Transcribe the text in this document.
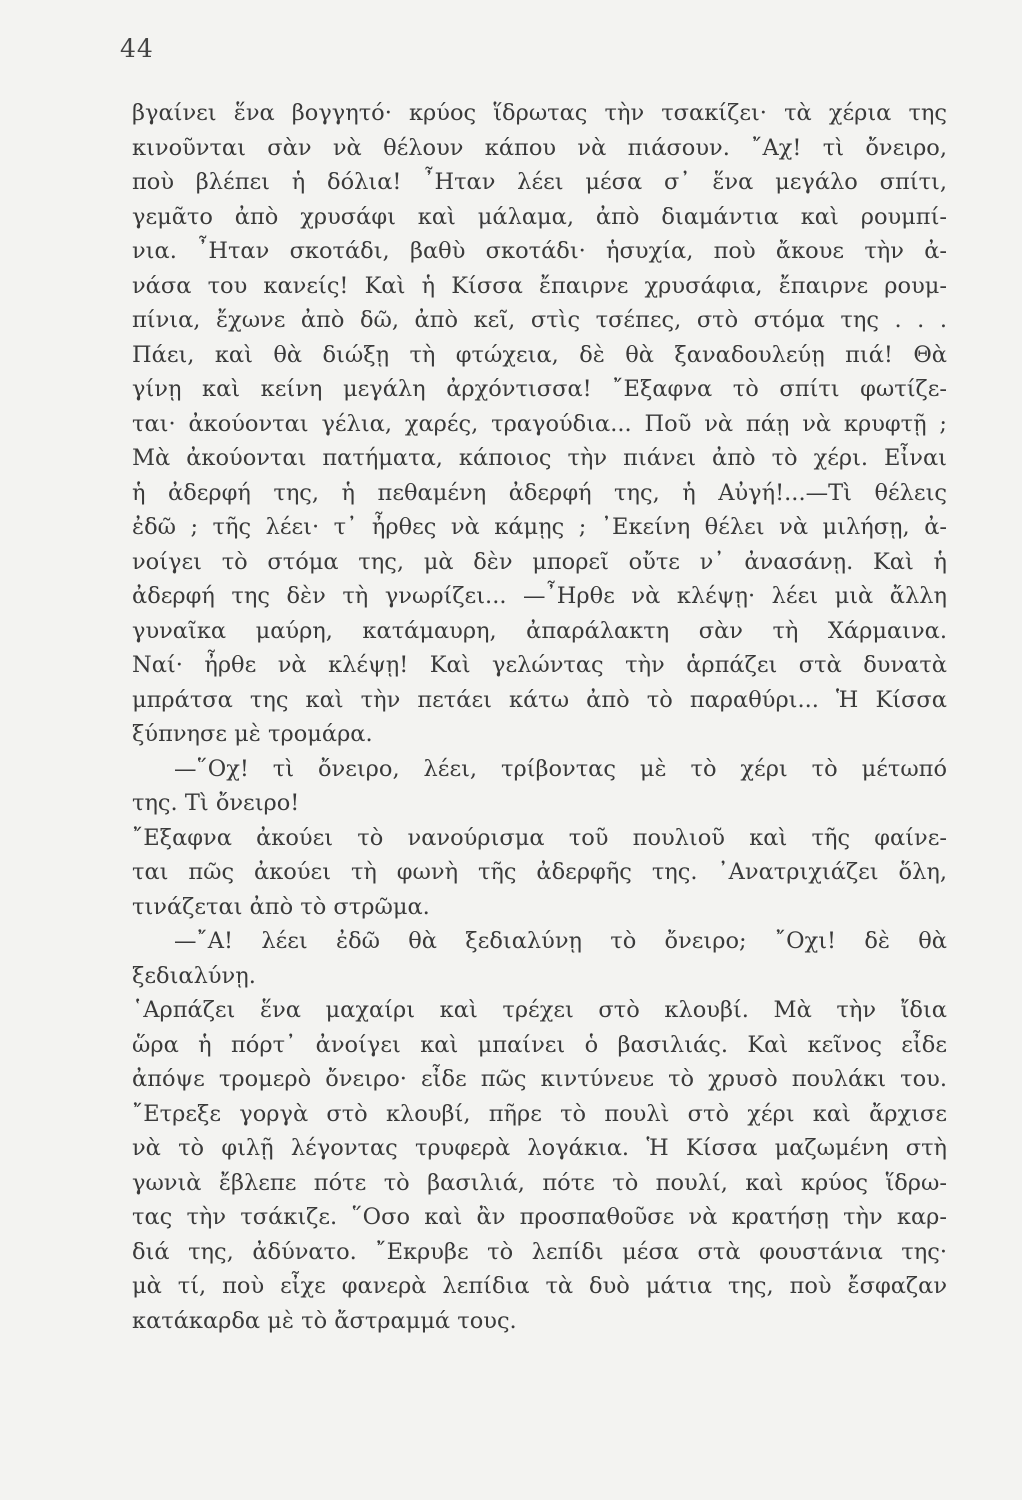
44
βγαίνει ἕνα βογγητό· κρύος ἵδρωτας τὴν τσακίζει· τὰ χέρια της
κινοῦνται σὰν νὰ θέλουν κάπου νὰ πιάσουν. ῎Αχ! τὶ ὄνειρο,
ποὺ βλέπει ἡ δόλια! ῏Ηταν λέει μέσα σ᾽ ἕνα μεγάλο σπίτι,
γεμᾶτο ἀπὸ χρυσάφι καὶ μάλαμα, ἀπὸ διαμάντια καὶ ρουμπί-
νια. ῏Ηταν σκοτάδι, βαθὺ σκοτάδι· ἡσυχία, ποὺ ἄκουε τὴν ἀ-
νάσα του κανείς! Καὶ ἡ Κίσσα ἔπαιρνε χρυσάφια, ἔπαιρνε ρουμ-
πίνια, ἔχωνε ἀπὸ δῶ, ἀπὸ κεῖ, στὶς τσέπες, στὸ στόμα της . . .
Πάει, καὶ θὰ διώξῃ τὴ φτώχεια, δὲ θὰ ξαναδουλεύῃ πιά! Θὰ
γίνῃ καὶ κείνη μεγάλη ἀρχόντισσα! ῎Εξαφνα τὸ σπίτι φωτίζε-
ται· ἀκούονται γέλια, χαρές, τραγούδια... Ποῦ νὰ πάῃ νὰ κρυφτῇ ;
Μὰ ἀκούονται πατήματα, κάποιος τὴν πιάνει ἀπὸ τὸ χέρι. Εἶναι
ἡ ἀδερφή της, ἡ πεθαμένη ἀδερφή της, ἡ Αὐγή!...—Τὶ θέλεις
ἐδῶ ; τῆς λέει· τ᾽ ἦρθες νὰ κάμῃς ; ᾽Εκείνη θέλει νὰ μιλήσῃ, ἀ-
νοίγει τὸ στόμα της, μὰ δὲν μπορεῖ οὔτε ν᾽ ἀνασάνῃ. Καὶ ἡ
ἀδερφή της δὲν τὴ γνωρίζει... —῏Ηρθε νὰ κλέψῃ· λέει μιὰ ἄλλη
γυναῖκα μαύρη, κατάμαυρη, ἀπαράλακτη σὰν τὴ Χάρμαινα.
Ναί· ἦρθε νὰ κλέψῃ! Καὶ γελώντας τὴν ἁρπάζει στὰ δυνατὰ
μπράτσα της καὶ τὴν πετάει κάτω ἀπὸ τὸ παραθύρι... Ἡ Κίσσα
ξύπνησε μὲ τρομάρα.
—῞Οχ! τὶ ὄνειρο, λέει, τρίβοντας μὲ τὸ χέρι τὸ μέτωπό
της. Τὶ ὄνειρο!
῎Εξαφνα ἀκούει τὸ νανούρισμα τοῦ πουλιοῦ καὶ τῆς φαίνε-
ται πῶς ἀκούει τὴ φωνὴ τῆς ἀδερφῆς της. ᾽Ανατριχιάζει ὅλη,
τινάζεται ἀπὸ τὸ στρῶμα.
—῎Α! λέει ἐδῶ θὰ ξεδιαλύνῃ τὸ ὄνειρο; ῎Οχι! δὲ θὰ
ξεδιαλύνῃ.
῾Αρπάζει ἕνα μαχαίρι καὶ τρέχει στὸ κλουβί. Μὰ τὴν ἴδια
ὥρα ἡ πόρτ᾽ ἀνοίγει καὶ μπαίνει ὁ βασιλιάς. Καὶ κεῖνος εἶδε
ἀπόψε τρομερὸ ὄνειρο· εἶδε πῶς κιντύνευε τὸ χρυσὸ πουλάκι του.
῎Ετρεξε γοργὰ στὸ κλουβί, πῆρε τὸ πουλὶ στὸ χέρι καὶ ἄρχισε
νὰ τὸ φιλῇ λέγοντας τρυφερὰ λογάκια. Ἡ Κίσσα μαζωμένη στὴ
γωνιὰ ἔβλεπε πότε τὸ βασιλιά, πότε τὸ πουλί, καὶ κρύος ἵδρω-
τας τὴν τσάκιζε. ῞Οσο καὶ ἂν προσπαθοῦσε νὰ κρατήσῃ τὴν καρ-
διά της, ἀδύνατο. ῎Εκρυβε τὸ λεπίδι μέσα στὰ φουστάνια της·
μὰ τί, ποὺ εἶχε φανερὰ λεπίδια τὰ δυὸ μάτια της, ποὺ ἔσφαζαν
κατάκαρδα μὲ τὸ ἄστραμμά τους.
